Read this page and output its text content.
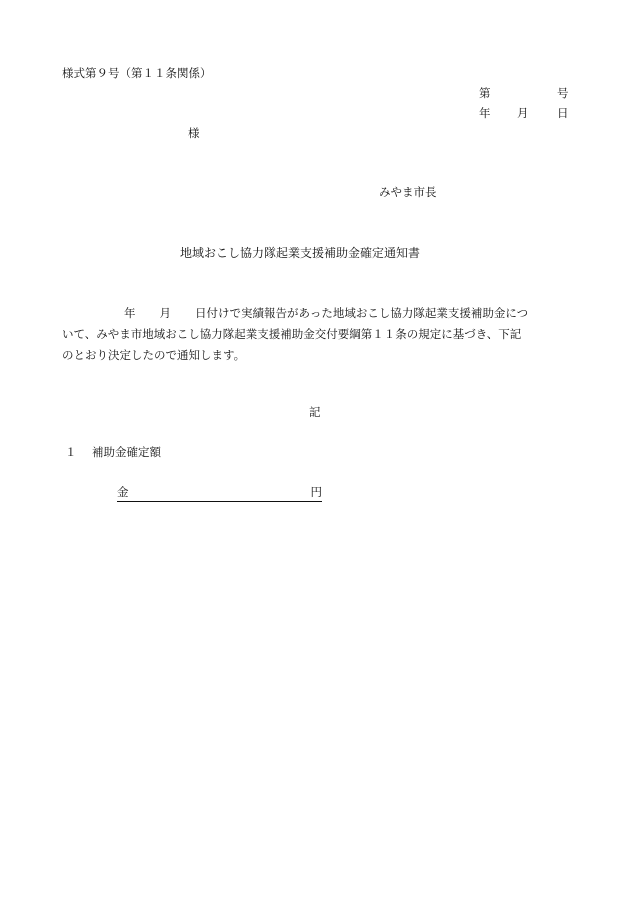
様式第９号（第１１条関係）
第	号
年 月 日
様
みやま市長
地域おこし協力隊起業支援補助金確定通知書
年 月 日付けで実績報告があった地域おこし協力隊起業支援補助金につ
いて、みやま市地域おこし協力隊起業支援補助金交付要綱第１１条の規定に基づき、下記
のとおり決定したので通知します。
記
１ 補助金確定額
金	円
